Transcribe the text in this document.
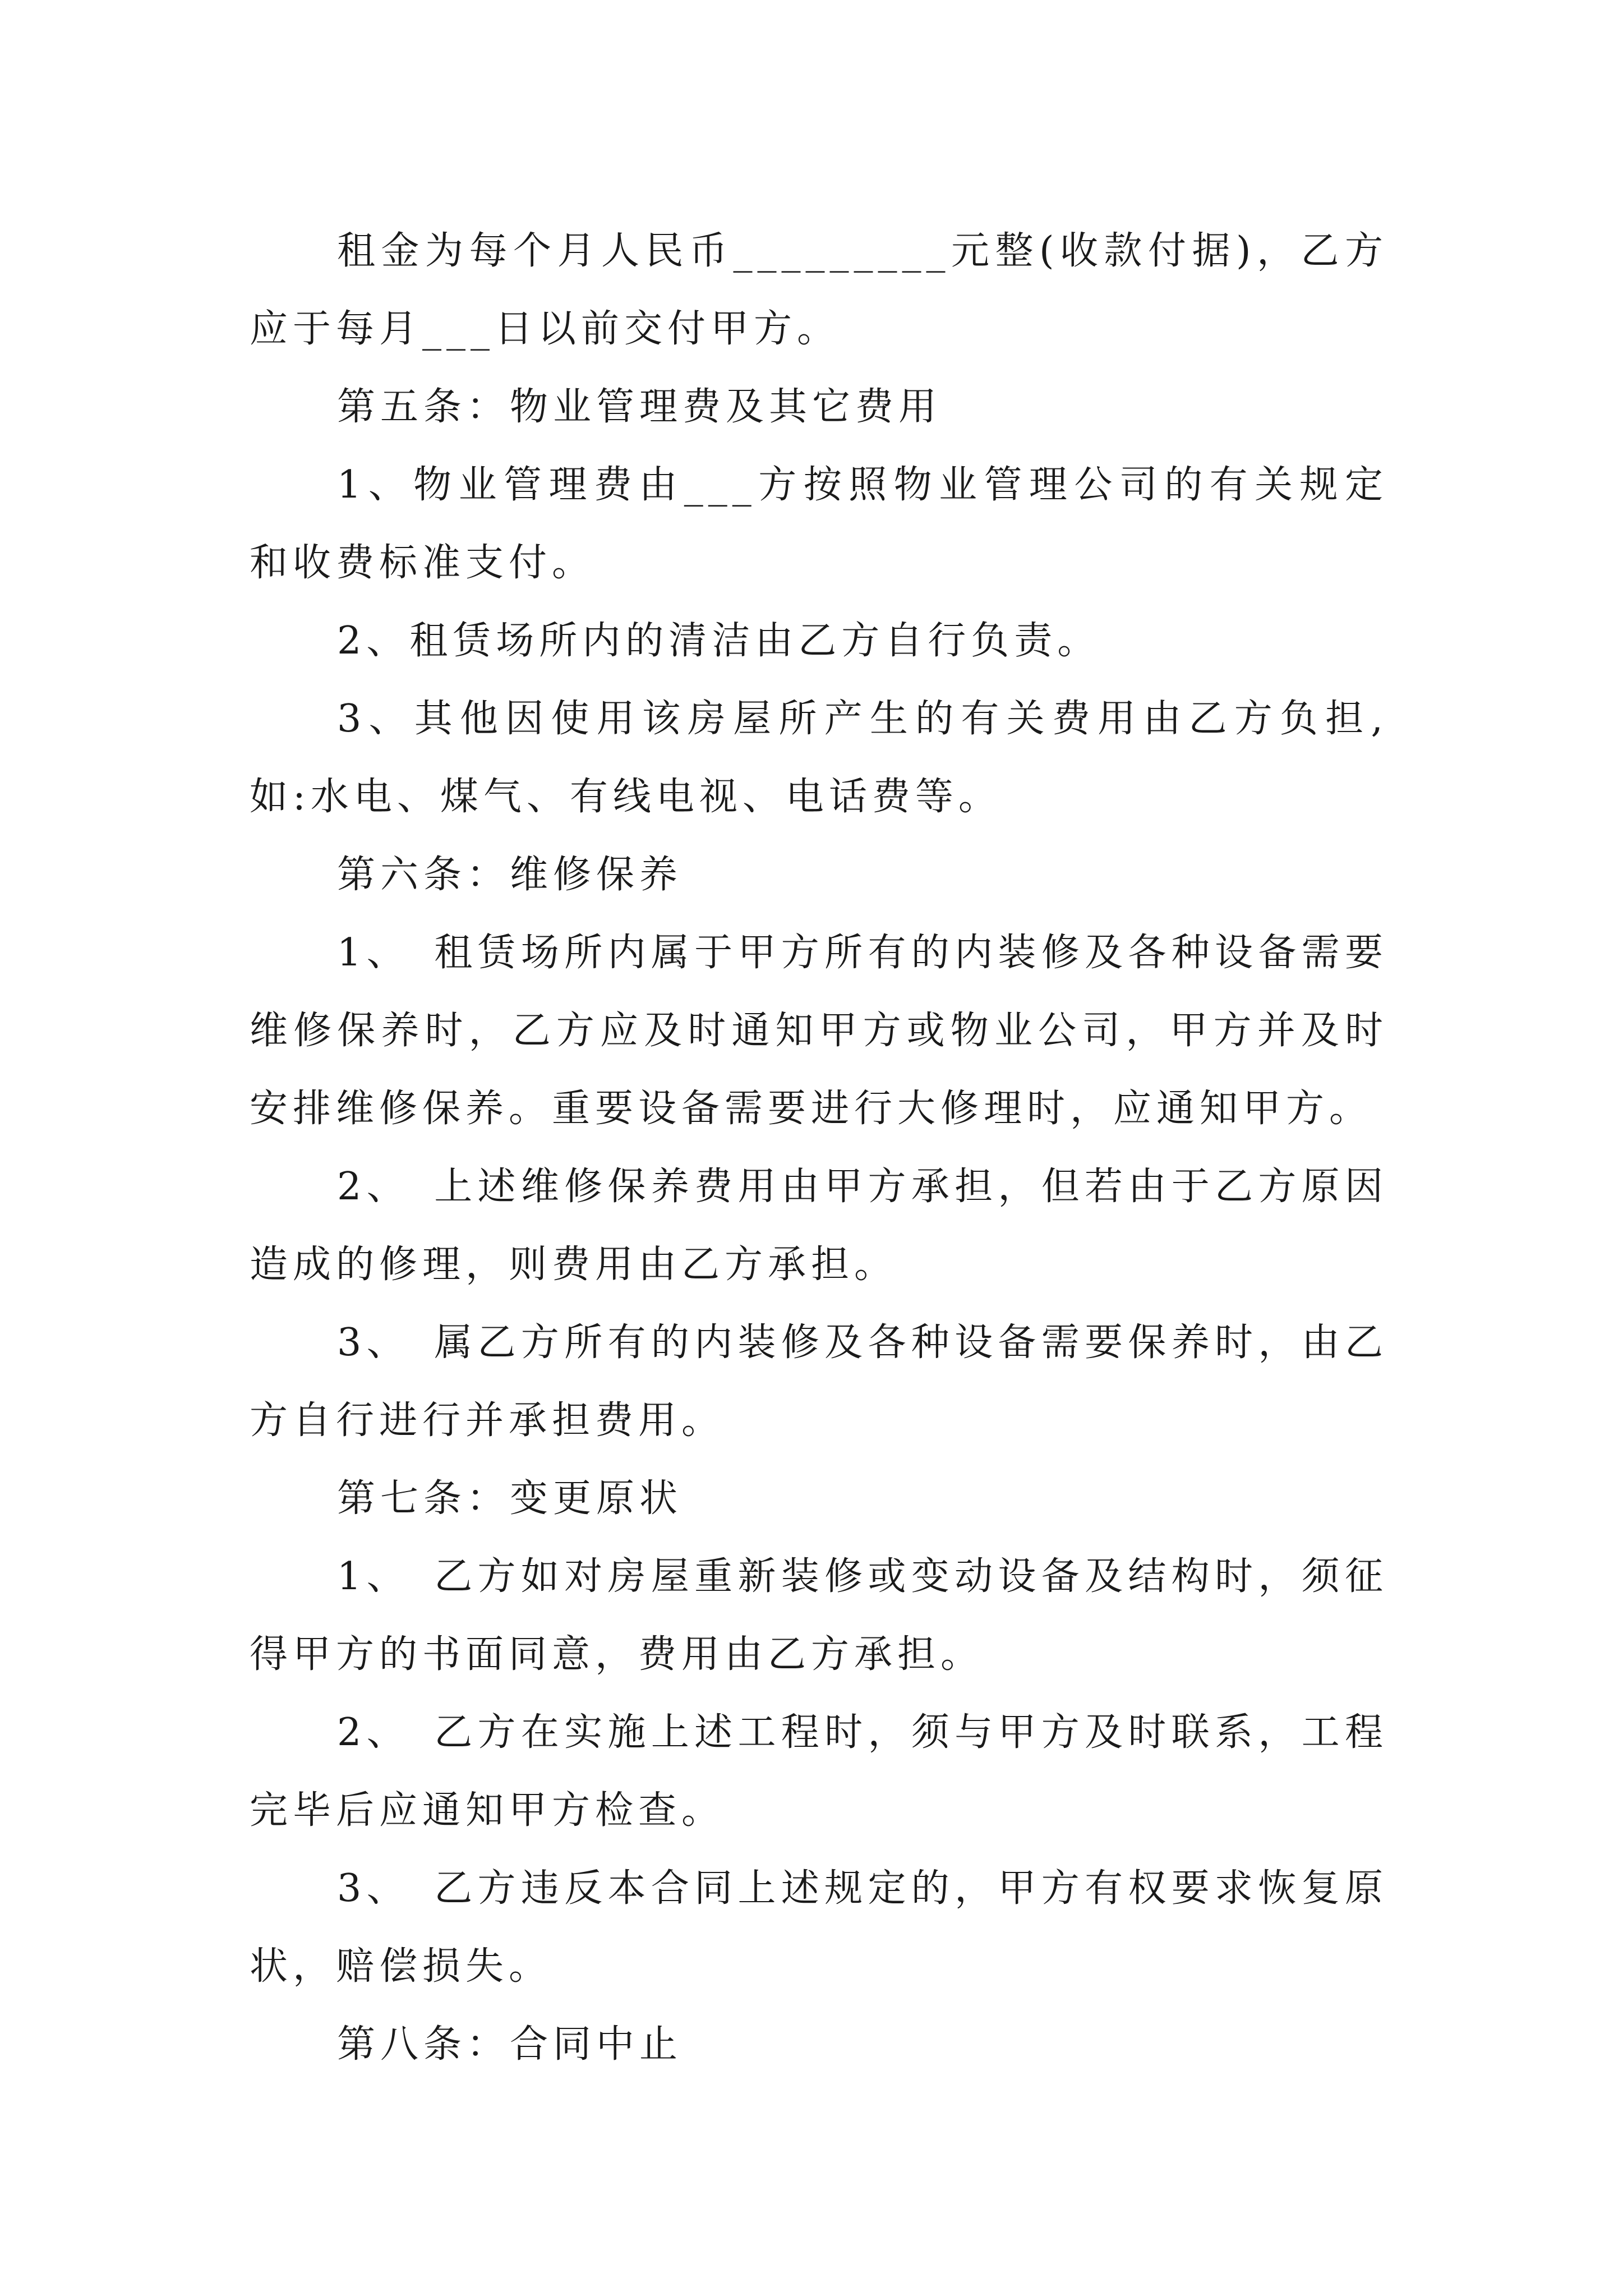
租金为每个月人民币_________元整(收款付据)，乙方应于每月___日以前交付甲方。

第五条：物业管理费及其它费用

1、物业管理费由___方按照物业管理公司的有关规定和收费标准支付。

2、租赁场所内的清洁由乙方自行负责。

3、其他因使用该房屋所产生的有关费用由乙方负担,如:水电、煤气、有线电视、电话费等。

第六条：维修保养

1、　租赁场所内属于甲方所有的内装修及各种设备需要维修保养时，乙方应及时通知甲方或物业公司，甲方并及时安排维修保养。重要设备需要进行大修理时，应通知甲方。

2、　上述维修保养费用由甲方承担，但若由于乙方原因造成的修理，则费用由乙方承担。

3、　属乙方所有的内装修及各种设备需要保养时，由乙方自行进行并承担费用。

第七条：变更原状

1、　乙方如对房屋重新装修或变动设备及结构时，须征得甲方的书面同意，费用由乙方承担。

2、　乙方在实施上述工程时，须与甲方及时联系，工程完毕后应通知甲方检查。

3、　乙方违反本合同上述规定的，甲方有权要求恢复原状，赔偿损失。

第八条：合同中止
